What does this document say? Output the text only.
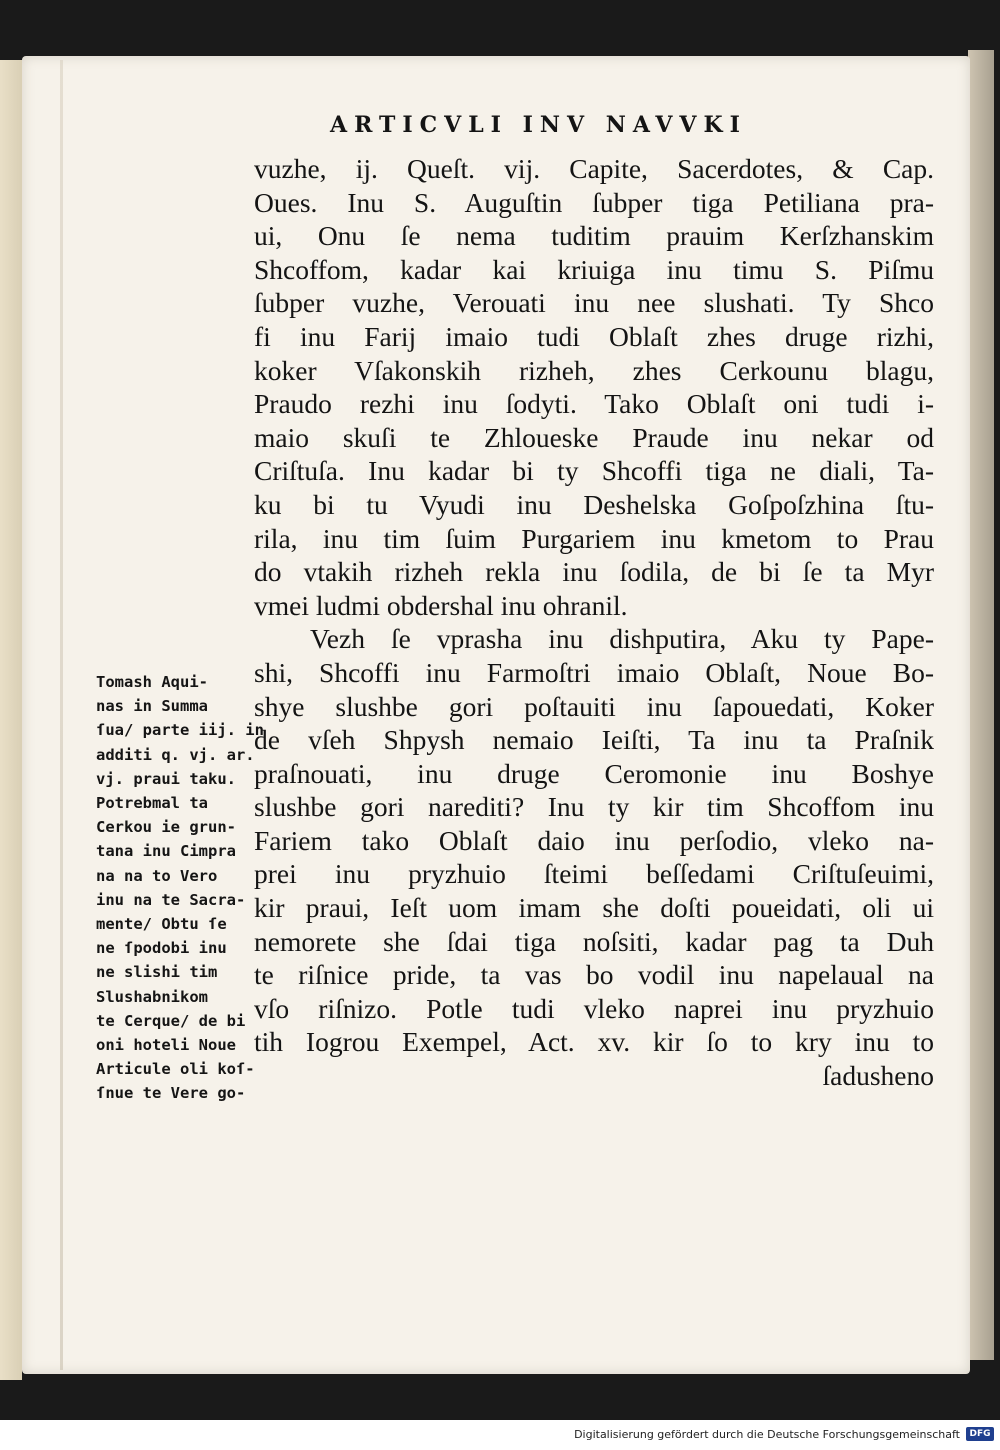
ARTICVLI INV NAVVKI
vuzhe, ij. Queſt. vij. Capite, Sacerdotes, & Cap.
Oues. Inu S. Auguſtin ſubper tiga Petiliana pra-
ui, Onu ſe nema tuditim prauim Kerſzhanskim
Shcoffom, kadar kai kriuiga inu timu S. Piſmu
ſubper vuzhe, Verouati inu nee slushati. Ty Shco
fi inu Farij imaio tudi Oblaſt zhes druge rizhi,
koker Vſakonskih rizheh, zhes Cerkounu blagu,
Praudo rezhi inu ſodyti. Tako Oblaſt oni tudi i-
maio skuſi te Zhloueske Praude inu nekar od
Criſtuſa. Inu kadar bi ty Shcoffi tiga ne diali, Ta-
ku bi tu Vyudi inu Deshelska Goſpoſzhina ſtu-
rila, inu tim ſuim Purgariem inu kmetom to Prau
do vtakih rizheh rekla inu ſodila, de bi ſe ta Myr
vmei ludmi obdershal inu ohranil.
Vezh ſe vprasha inu dishputira, Aku ty Pape-
shi, Shcoffi inu Farmoſtri imaio Oblaſt, Noue Bo-
shye slushbe gori poſtauiti inu ſapouedati, Koker
de vſeh Shpysh nemaio Ieiſti, Ta inu ta Praſnik
praſnouati, inu druge Ceromonie inu Boshye
slushbe gori narediti? Inu ty kir tim Shcoffom inu
Fariem tako Oblaſt daio inu perſodio, vleko na-
prei inu pryzhuio ſteimi beſſedami Criſtuſeuimi,
kir praui, Ieſt uom imam she doſti poueidati, oli ui
nemorete she ſdai tiga noſsiti, kadar pag ta Duh
te riſnice pride, ta vas bo vodil inu napelaual na
vſo riſnizo. Potle tudi vleko naprei inu pryzhuio
tih Iogrou Exempel, Act. xv. kir ſo to kry inu to
ſadusheno
Tomash Aqui-
nas in Summa
ſua/ parte iij. in
additi q. vj. ar.
vj. praui taku.
Potrebmal ta
Cerkou ie grun-
tana inu Cimpra
na na to Vero
inu na te Sacra-
mente/ Obtu ſe
ne ſpodobi inu
ne slishi tim
Slushabnikom
te Cerque/ de bi
oni hoteli Noue
Articule oli koſ-
ſnue te Vere go-
Digitalisierung gefördert durch die Deutsche Forschungsgemeinschaft	DFG
